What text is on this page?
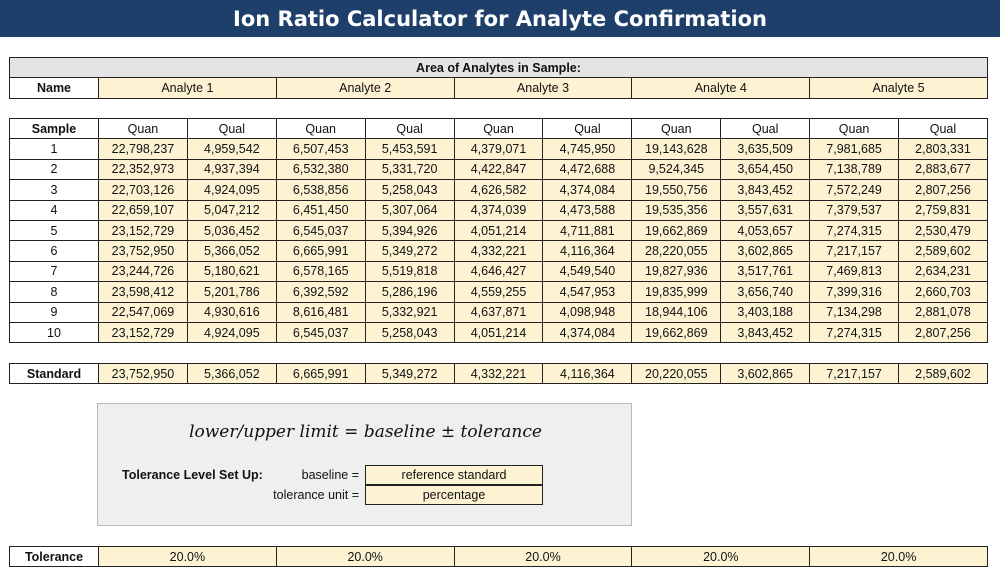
Ion Ratio Calculator for Analyte Confirmation
Area of Analytes in Sample:
Name	Analyte 1	Analyte 2	Analyte 3	Analyte 4	Analyte 5
Sample	Quan	Qual	Quan	Qual	Quan	Qual	Quan	Qual	Quan	Qual
1	22,798,237	4,959,542	6,507,453	5,453,591	4,379,071	4,745,950	19,143,628	3,635,509	7,981,685	2,803,331
2	22,352,973	4,937,394	6,532,380	5,331,720	4,422,847	4,472,688	9,524,345	3,654,450	7,138,789	2,883,677
3	22,703,126	4,924,095	6,538,856	5,258,043	4,626,582	4,374,084	19,550,756	3,843,452	7,572,249	2,807,256
4	22,659,107	5,047,212	6,451,450	5,307,064	4,374,039	4,473,588	19,535,356	3,557,631	7,379,537	2,759,831
5	23,152,729	5,036,452	6,545,037	5,394,926	4,051,214	4,711,881	19,662,869	4,053,657	7,274,315	2,530,479
6	23,752,950	5,366,052	6,665,991	5,349,272	4,332,221	4,116,364	28,220,055	3,602,865	7,217,157	2,589,602
7	23,244,726	5,180,621	6,578,165	5,519,818	4,646,427	4,549,540	19,827,936	3,517,761	7,469,813	2,634,231
8	23,598,412	5,201,786	6,392,592	5,286,196	4,559,255	4,547,953	19,835,999	3,656,740	7,399,316	2,660,703
9	22,547,069	4,930,616	8,616,481	5,332,921	4,637,871	4,098,948	18,944,106	3,403,188	7,134,298	2,881,078
10	23,152,729	4,924,095	6,545,037	5,258,043	4,051,214	4,374,084	19,662,869	3,843,452	7,274,315	2,807,256
Standard	23,752,950	5,366,052	6,665,991	5,349,272	4,332,221	4,116,364	20,220,055	3,602,865	7,217,157	2,589,602
lower/upper limit = baseline ± tolerance
Tolerance Level Set Up:	baseline =	reference standard
tolerance unit =	percentage
Tolerance	20.0%	20.0%	20.0%	20.0%	20.0%
